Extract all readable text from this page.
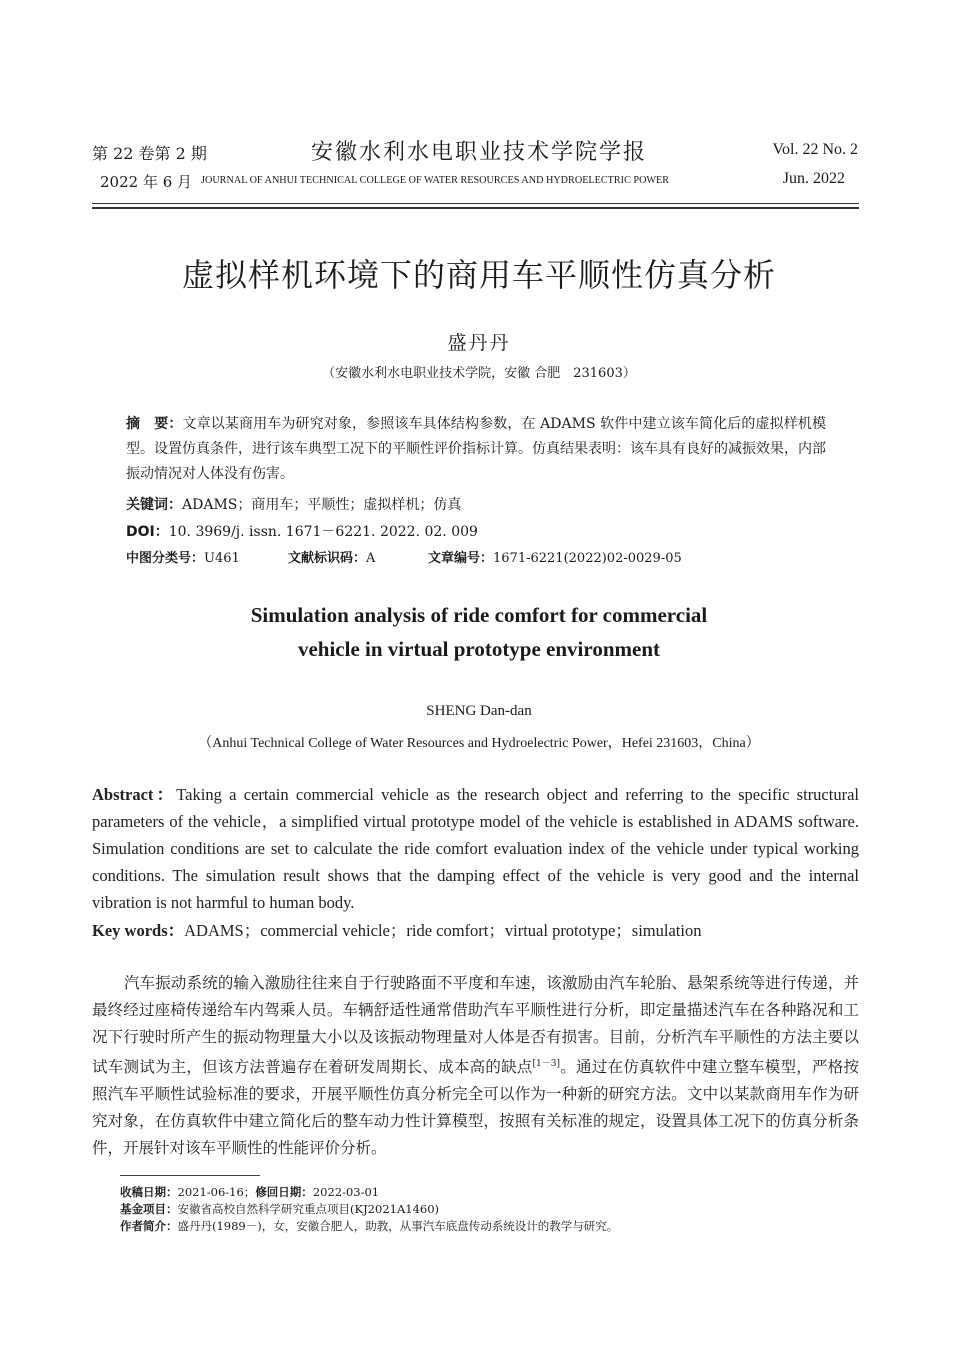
第 22 卷第 2 期	安徽水利水电职业技术学院学报	Vol. 22 No. 2
2022 年 6 月 JOURNAL OF ANHUI TECHNICAL COLLEGE OF WATER RESOURCES AND HYDROELECTRIC POWER	Jun. 2022
虚拟样机环境下的商用车平顺性仿真分析
盛丹丹
（安徽水利水电职业技术学院，安徽 合肥　231603）
摘　要：文章以某商用车为研究对象，参照该车具体结构参数，在 ADAMS 软件中建立该车简化后的虚拟样机模型。设置仿真条件，进行该车典型工况下的平顺性评价指标计算。仿真结果表明：该车具有良好的减振效果，内部振动情况对人体没有伤害。
关键词：ADAMS；商用车；平顺性；虚拟样机；仿真
DOI：10. 3969/j. issn. 1671－6221. 2022. 02. 009
中图分类号：U461	文献标识码：A	文章编号：1671-6221(2022)02-0029-05
Simulation analysis of ride comfort for commercial vehicle in virtual prototype environment
SHENG Dan-dan
（Anhui Technical College of Water Resources and Hydroelectric Power，Hefei 231603，China）
Abstract：Taking a certain commercial vehicle as the research object and referring to the specific structural parameters of the vehicle，a simplified virtual prototype model of the vehicle is established in ADAMS software. Simulation conditions are set to calculate the ride comfort evaluation index of the vehicle under typical working conditions. The simulation result shows that the damping effect of the vehicle is very good and the internal vibration is not harmful to human body.
Key words：ADAMS；commercial vehicle；ride comfort；virtual prototype；simulation
汽车振动系统的输入激励往往来自于行驶路面不平度和车速，该激励由汽车轮胎、悬架系统等进行传递，并最终经过座椅传递给车内驾乘人员。车辆舒适性通常借助汽车平顺性进行分析，即定量描述汽车在各种路况和工况下行驶时所产生的振动物理量大小以及该振动物理量对人体是否有损害。目前，分析汽车平顺性的方法主要以试车测试为主，但该方法普遍存在着研发周期长、成本高的缺点[1－3]。通过在仿真软件中建立整车模型，严格按照汽车平顺性试验标准的要求，开展平顺性仿真分析完全可以作为一种新的研究方法。文中以某款商用车作为研究对象，在仿真软件中建立简化后的整车动力性计算模型，按照有关标准的规定，设置具体工况下的仿真分析条件，开展针对该车平顺性的性能评价分析。
收稿日期：2021-06-16；修回日期：2022-03-01
基金项目：安徽省高校自然科学研究重点项目(KJ2021A1460)
作者简介：盛丹丹(1989－)，女，安徽合肥人，助教，从事汽车底盘传动系统设计的教学与研究。
